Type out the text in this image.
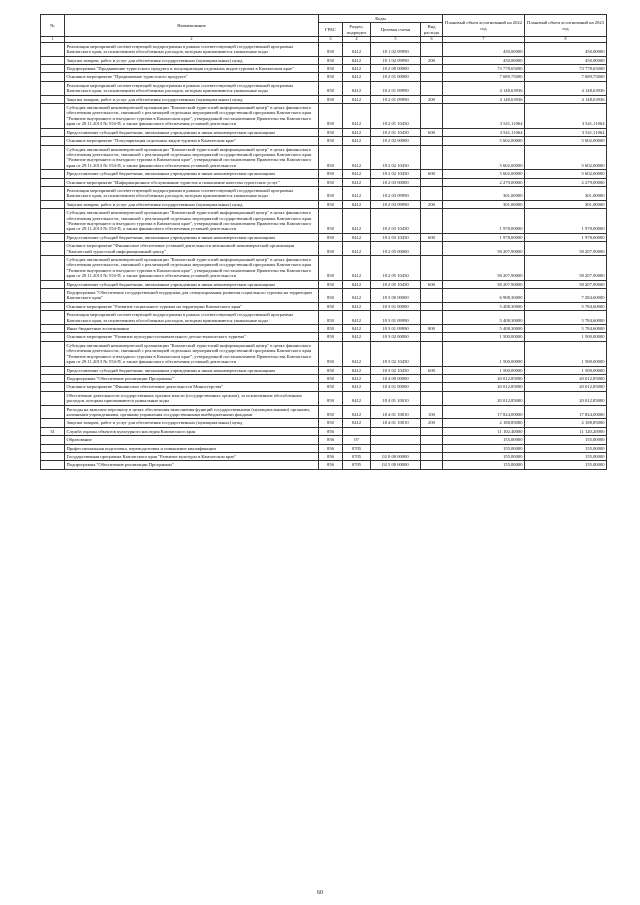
№	Наименование	Коды				Плановый объем ассигнований на 2022 год	Плановый объем ассигнований на 2023 год
		ГРБС	Раздел, подраздел	Целевая статья	Вид расхода		
1	2	3	4	5	6	7	8
	Реализация мероприятий соответствующей подпрограммы в рамках соответствующей государственной программы Камчатского края, за исключением обособленных расходов, которым присваиваются уникальные коды	850	0412	18 1 02 09990		450,00000	450,00000
	Закупка товаров, работ и услуг для обеспечения государственных (муниципальных) нужд	850	0412	18 1 02 09990	200	450,00000	450,00000
	Подпрограмма "Продвижение туристского продукта и популяризация отдельных видов туризма в Камчатском крае"	850	0412	18 2 00 00000		73 778,65000	73 778,65000
	Основное мероприятие "Продвижение туристского продукта"	850	0412	18 2 01 00000		7 689,75000	7 689,75000
	Реализация мероприятий соответствующей подпрограммы в рамках соответствующей государственной программы Камчатского края, за исключением обособленных расходов, которым присваиваются уникальные коды	850	0412	18 2 01 09990		4 148,63936	4 148,63936
	Закупка товаров, работ и услуг для обеспечения государственных (муниципальных) нужд	850	0412	18 2 01 09990	200	4 148,63936	4 148,63936
	Субсидия автономной некоммерческой организации "Камчатский туристский информационный центр" в целях финансового обеспечения деятельности, связанной с реализацией отдельных мероприятий государственной программы Камчатского края "Развитие внутреннего и въездного туризма в Камчатском крае", утвержденной постановлением Правительства Камчатского края от 29.11.2013 № 554-П, а также финансового обеспечения уставной деятельности	850	0412	18 2 01 10450		3 541,11064	3 541,11064
	Предоставление субсидий бюджетным, автономным учреждениям и иным некоммерческим организациям	850	0412	18 2 01 10450	600	3 541,11064	3 541,11064
	Основное мероприятие "Популяризация отдельных видов туризма в Камчатском крае"	850	0412	18 2 02 00000		5 602,00000	5 602,00000
	Субсидия автономной некоммерческой организации "Камчатский туристский информационный центр" в целях финансового обеспечения деятельности, связанной с реализацией отдельных мероприятий государственной программы Камчатского края "Развитие внутреннего и въездного туризма в Камчатском крае", утвержденной постановлением Правительства Камчатского края от 29.11.2013 № 554-П, а также финансового обеспечения уставной деятельности	850	0412	18 2 02 10450		5 602,00000	5 602,00000
	Предоставление субсидий бюджетным, автономным учреждениям и иным некоммерческим организациям	850	0412	18 2 02 10450	600	5 602,00000	5 602,00000
	Основное мероприятие "Информационное обслуживание туристов и повышение качества туристских услуг"	850	0412	18 2 03 00000		2 279,00000	2 279,00000
	Реализация мероприятий соответствующей подпрограммы в рамках соответствующей государственной программы Камчатского края, за исключением обособленных расходов, которым присваиваются уникальные коды	850	0412	18 2 03 09990		301,00000	301,00000
	Закупка товаров, работ и услуг для обеспечения государственных (муниципальных) нужд	850	0412	18 2 03 09990	200	301,00000	301,00000
	Субсидия автономной некоммерческой организации "Камчатский туристский информационный центр" в целях финансового обеспечения деятельности, связанной с реализацией отдельных мероприятий государственной программы Камчатского края "Развитие внутреннего и въездного туризма в Камчатском крае", утвержденной постановлением Правительства Камчатского края от 29.11.2013 № 554-П, а также финансового обеспечения уставной деятельности	850	0412	18 2 03 10450		1 978,00000	1 978,00000
	Предоставление субсидий бюджетным, автономным учреждениям и иным некоммерческим организациям	850	0412	18 2 03 10450	600	1 978,00000	1 978,00000
	Основное мероприятие "Финансовое обеспечение уставной деятельности автономной некоммерческой организации "Камчатский туристский информационный центр"	850	0412	18 2 05 00000		58 207,90000	58 207,90000
	Субсидия автономной некоммерческой организации "Камчатский туристский информационный центр" в целях финансового обеспечения деятельности, связанной с реализацией отдельных мероприятий государственной программы Камчатского края "Развитие внутреннего и въездного туризма в Камчатском крае", утвержденной постановлением Правительства Камчатского края от 29.11.2013 № 554-П, а также финансового обеспечения уставной деятельности	850	0412	18 2 05 10450		58 207,90000	58 207,90000
	Предоставление субсидий бюджетным, автономным учреждениям и иным некоммерческим организациям	850	0412	18 2 05 10450	600	58 207,90000	58 207,90000
	Подпрограмма "Обеспечение государственной поддержки для стимулирования развития социального туризма на территории Камчатского края"	850	0412	18 3 00 00000		6 908,30000	7 284,60000
	Основное мероприятие "Развитие социального туризма на территории Камчатского края"	850	0412	18 3 01 00000		5 408,30000	5 784,60000
	Реализация мероприятий соответствующей подпрограммы в рамках соответствующей государственной программы Камчатского края, за исключением обособленных расходов, которым присваиваются уникальные коды	850	0412	18 3 01 09990		5 408,30000	5 784,60000
	Иные бюджетные ассигнования	850	0412	18 3 01 09990	800	5 408,30000	5 784,60000
	Основное мероприятие "Развитие культурно-познавательного детско-юношеского туризма"	850	0412	18 3 02 00000		1 500,00000	1 500,00000
	Субсидия автономной некоммерческой организации "Камчатский туристский информационный центр" в целях финансового обеспечения деятельности, связанной с реализацией отдельных мероприятий государственной программы Камчатского края "Развитие внутреннего и въездного туризма в Камчатском крае", утвержденной постановлением Правительства Камчатского края от 29.11.2013 № 554-П, а также финансового обеспечения уставной деятельности	850	0412	18 3 02 10450		1 500,00000	1 500,00000
	Предоставление субсидий бюджетным, автономным учреждениям и иным некоммерческим организациям	850	0412	18 3 02 10450	600	1 500,00000	1 500,00000
	Подпрограмма "Обеспечение реализации Программы"	850	0412	18 4 00 00000		20 012,85000	20 012,85000
	Основное мероприятие "Финансовое обеспечение деятельности Министерства"	850	0412	18 4 01 00000		20 012,85000	20 012,85000
	Обеспечение деятельности государственных органов власти (государственных органов), за исключением обособленных расходов, которым присваиваются уникальные коды	850	0412	18 4 01 10010		20 012,85000	20 012,85000
	Расходы на выплаты персоналу в целях обеспечения выполнения функций государственными (муниципальными) органами, казенными учреждениями, органами управления государственными внебюджетными фондами	850	0412	18 4 01 10010	100	17 824,00000	17 824,00000
	Закупка товаров, работ и услуг для обеспечения государственных (муниципальных) нужд	850	0412	18 4 01 10010	200	2 188,85000	2 188,85000
31	Служба охраны объектов культурного наследия Камчатского края	856				11 102,40000	11 120,20000
	Образование	856	07			155,00000	155,00000
	Профессиональная подготовка, переподготовка и повышение квалификации	856	0705			155,00000	155,00000
	Государственная программа Камчатского края "Развитие культуры в Камчатском крае"	856	0705	02 0 00 00000		155,00000	155,00000
	Подпрограмма "Обеспечение реализации Программы"	856	0705	02 5 00 00000		155,00000	155,00000
60
